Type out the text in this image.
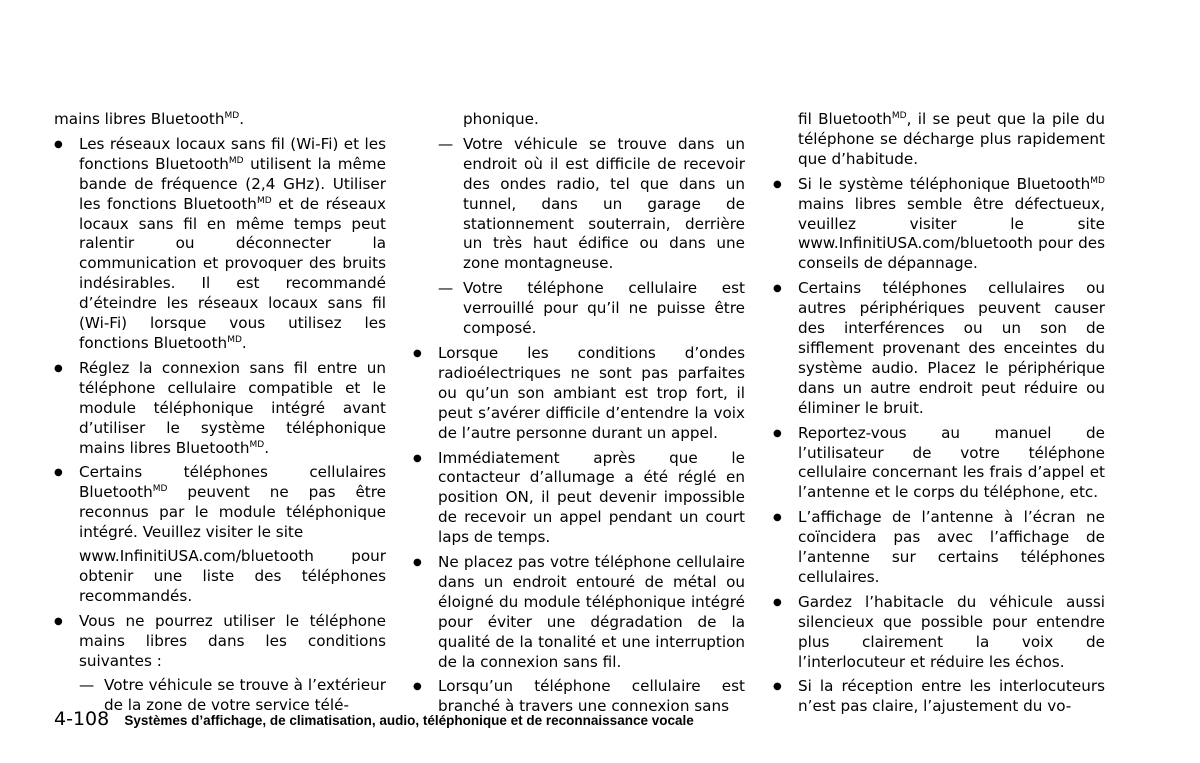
mains libres Bluetooth$^{MD}$.
● Les réseaux locaux sans fil (Wi-Fi) et les fonctions Bluetooth$^{MD}$ utilisent la même bande de fréquence (2,4 GHz). Utiliser les fonctions Bluetooth$^{MD}$ et de réseaux locaux sans fil en même temps peut ralentir ou déconnecter la communication et provoquer des bruits indésirables. Il est recommandé d’éteindre les réseaux locaux sans fil (Wi-Fi) lorsque vous utilisez les fonctions Bluetooth$^{MD}$.
● Réglez la connexion sans fil entre un téléphone cellulaire compatible et le module téléphonique intégré avant d’utiliser le système téléphonique mains libres Bluetooth$^{MD}$.
● Certains téléphones cellulaires Bluetooth$^{MD}$ peuvent ne pas être reconnus par le module téléphonique intégré. Veuillez visiter le site
www.InfinitiUSA.com/bluetooth pour obtenir une liste des téléphones recommandés.
● Vous ne pourrez utiliser le téléphone mains libres dans les conditions suivantes :
— Votre véhicule se trouve à l’extérieur de la zone de votre service télé-
phonique.
— Votre véhicule se trouve dans un endroit où il est difficile de recevoir des ondes radio, tel que dans un tunnel, dans un garage de stationnement souterrain, derrière un très haut édifice ou dans une zone montagneuse.
— Votre téléphone cellulaire est verrouillé pour qu’il ne puisse être composé.
● Lorsque les conditions d’ondes radioélectriques ne sont pas parfaites ou qu’un son ambiant est trop fort, il peut s’avérer difficile d’entendre la voix de l’autre personne durant un appel.
● Immédiatement après que le contacteur d’allumage a été réglé en position ON, il peut devenir impossible de recevoir un appel pendant un court laps de temps.
● Ne placez pas votre téléphone cellulaire dans un endroit entouré de métal ou éloigné du module téléphonique intégré pour éviter une dégradation de la qualité de la tonalité et une interruption de la connexion sans fil.
● Lorsqu’un téléphone cellulaire est branché à travers une connexion sans
fil Bluetooth$^{MD}$, il se peut que la pile du téléphone se décharge plus rapidement que d’habitude.
● Si le système téléphonique Bluetooth$^{MD}$ mains libres semble être défectueux, veuillez visiter le site www.InfinitiUSA.com/bluetooth pour des conseils de dépannage.
● Certains téléphones cellulaires ou autres périphériques peuvent causer des interférences ou un son de sifflement provenant des enceintes du système audio. Placez le périphérique dans un autre endroit peut réduire ou éliminer le bruit.
● Reportez-vous au manuel de l’utilisateur de votre téléphone cellulaire concernant les frais d’appel et l’antenne et le corps du téléphone, etc.
● L’affichage de l’antenne à l’écran ne coïncidera pas avec l’affichage de l’antenne sur certains téléphones cellulaires.
● Gardez l’habitacle du véhicule aussi silencieux que possible pour entendre plus clairement la voix de l’interlocuteur et réduire les échos.
● Si la réception entre les interlocuteurs n’est pas claire, l’ajustement du vo-
4-108 Systèmes d’affichage, de climatisation, audio, téléphonique et de reconnaissance vocale
